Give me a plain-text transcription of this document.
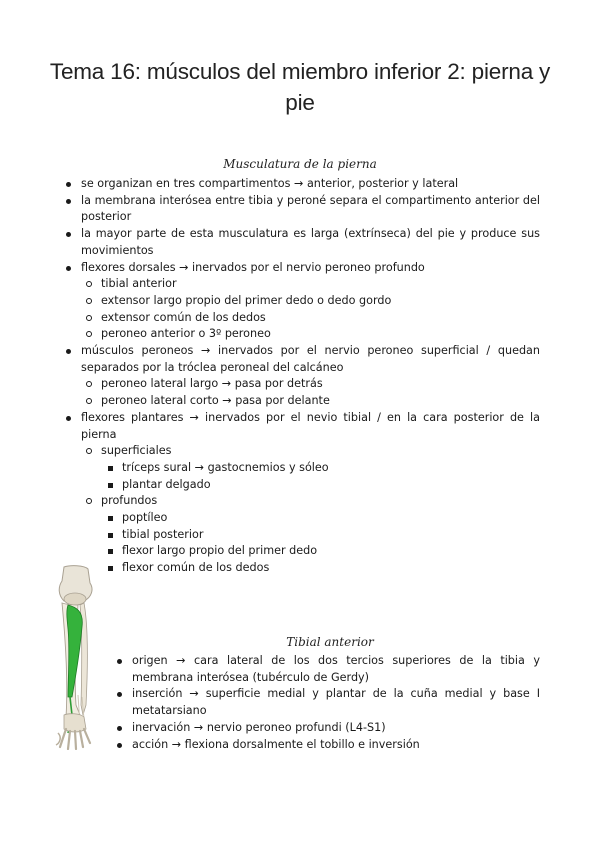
Tema 16: músculos del miembro inferior 2: pierna y pie
Musculatura de la pierna
se organizan en tres compartimentos → anterior, posterior y lateral
la membrana interósea entre tibia y peroné separa el compartimento anterior del posterior
la mayor parte de esta musculatura es larga (extrínseca) del pie y produce sus movimientos
flexores dorsales → inervados por el nervio peroneo profundo
tibial anterior
extensor largo propio del primer dedo o dedo gordo
extensor común de los dedos
peroneo anterior o 3º peroneo
músculos peroneos → inervados por el nervio peroneo superficial / quedan separados por la tróclea peroneal del calcáneo
peroneo lateral largo → pasa por detrás
peroneo lateral corto → pasa por delante
flexores plantares → inervados por el nevio tibial / en la cara posterior de la pierna
superficiales
tríceps sural → gastocnemios y sóleo
plantar delgado
profundos
poptíleo
tibial posterior
flexor largo propio del primer dedo
flexor común de los dedos
Tibial anterior
origen → cara lateral de los dos tercios superiores de la tibia y membrana interósea (tubérculo de Gerdy)
inserción → superficie medial y plantar de la cuña medial y base I metatarsiano
inervación → nervio peroneo profundi (L4-S1)
acción → flexiona dorsalmente el tobillo e inversión
